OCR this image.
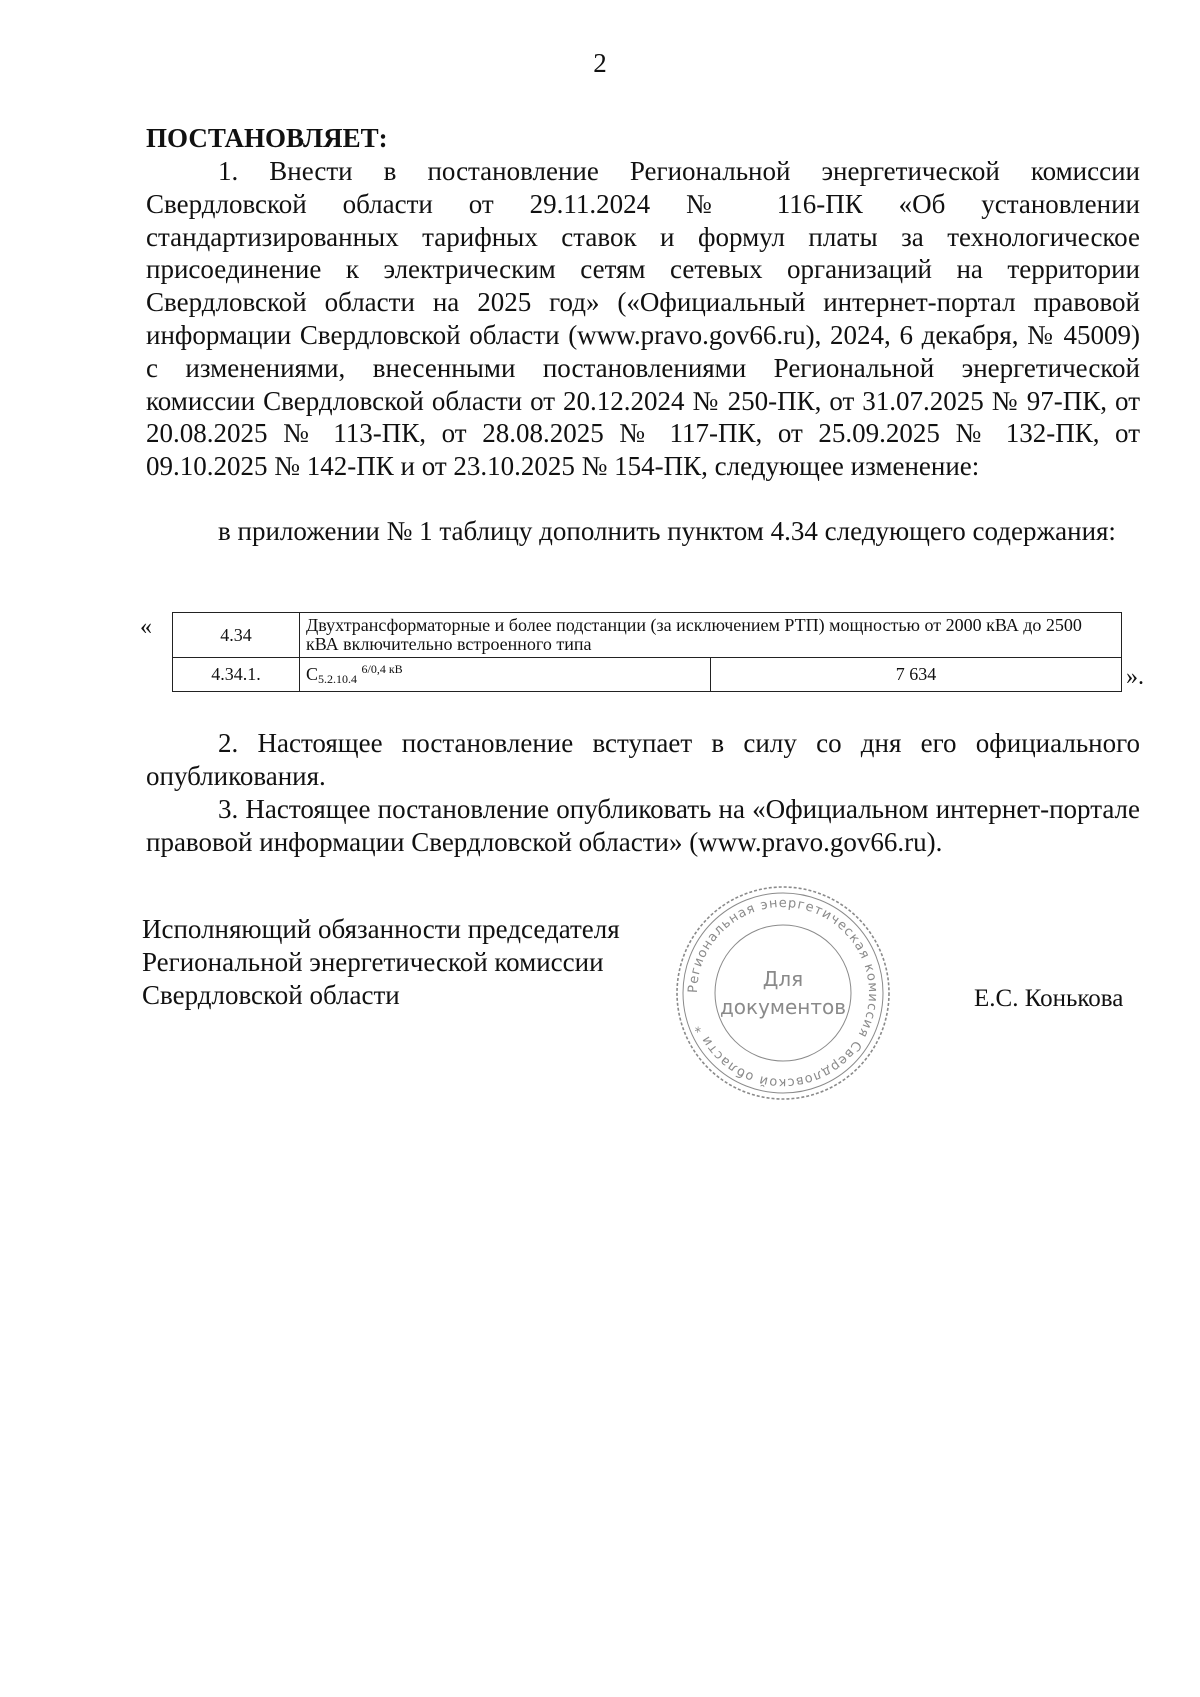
2
ПОСТАНОВЛЯЕТ:

1. Внести в постановление Региональной энергетической комиссии Свердловской области от 29.11.2024 № 116-ПК «Об установлении стандартизированных тарифных ставок и формул платы за технологическое присоединение к электрическим сетям сетевых организаций на территории Свердловской области на 2025 год» («Официальный интернет-портал правовой информации Свердловской области (www.pravo.gov66.ru), 2024, 6 декабря, № 45009) с изменениями, внесенными постановлениями Региональной энергетической комиссии Свердловской области от 20.12.2024 № 250-ПК, от 31.07.2025 № 97-ПК, от 20.08.2025 № 113-ПК, от 28.08.2025 № 117-ПК, от 25.09.2025 № 132-ПК, от 09.10.2025 № 142-ПК и от 23.10.2025 № 154-ПК, следующее изменение:

в приложении № 1 таблицу дополнить пунктом 4.34 следующего содержания:

«	4.34	Двухтрансформаторные и более подстанции (за исключением РТП) мощностью от 2000 кВА до 2500 кВА включительно встроенного типа	
4.34.1.	$С_{5.2.10.4}$ $^{6/0,4 кВ}$	7 634	».

2. Настоящее постановление вступает в силу со дня его официального опубликования.

3. Настоящее постановление опубликовать на «Официальном интернет-портале правовой информации Свердловской области» (www.pravo.gov66.ru).

Исполняющий обязанности председателя
Региональной энергетической комиссии
Свердловской области	Региональная энергетическая комиссия Свердловской области *
Для
документов	Е.С. Конькова
